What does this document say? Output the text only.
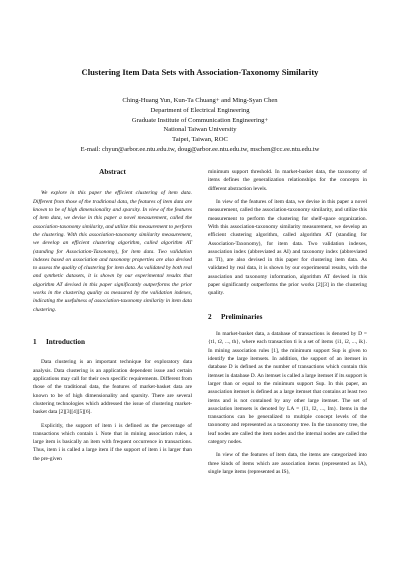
Clustering Item Data Sets with Association-Taxonomy Similarity
Ching-Huang Yun, Kun-Ta Chuang+ and Ming-Syan Chen
Department of Electrical Engineering
Graduate Institute of Communication Engineering+
National Taiwan University
Taipei, Taiwan, ROC
E-mail: chyun@arbor.ee.ntu.edu.tw, doug@arbor.ee.ntu.edu.tw, mschen@cc.ee.ntu.edu.tw
Abstract

We explore in this paper the efficient clustering of item data. Different from those of the traditional data, the features of item data are known to be of high dimensionality and sparsity. In view of the features of item data, we devise in this paper a novel measurement, called the association-taxonomy similarity, and utilize this measurement to perform the clustering. With this association-taxonomy similarity measurement, we develop an efficient clustering algorithm, called algorithm AT (standing for Association-Taxonomy), for item data. Two validation indexes based on association and taxonomy properties are also devised to assess the quality of clustering for item data. As validated by both real and synthetic datasets, it is shown by our experimental results that algorithm AT devised in this paper significantly outperforms the prior works in the clustering quality as measured by the validation indexes, indicating the usefulness of association-taxonomy similarity in item data clustering.

1 Introduction

Data clustering is an important technique for exploratory data analysis. Data clustering is an application dependent issue and certain applications may call for their own specific requirements. Different from those of the traditional data, the features of market-basket data are known to be of high dimensionality and sparsity. There are several clustering technologies which addressed the issue of clustering market-basket data [2][3][4][5][6].

Explicitly, the support of item i is defined as the percentage of transactions which contain i. Note that in mining association rules, a large item is basically an item with frequent occurrence in transactions. Thus, item i is called a large item if the support of item i is larger than the pre-given

minimum support threshold. In market-basket data, the taxonomy of items defines the generalization relationships for the concepts in different abstraction levels.

In view of the features of item data, we devise in this paper a novel measurement, called the association-taxonomy similarity, and utilize this measurement to perform the clustering for shelf-space organization. With this association-taxonomy similarity measurement, we develop an efficient clustering algorithm, called algorithm AT (standing for Association-Taxonomy), for item data. Two validation indexes, association index (abbreviated as AI) and taxonomy index (abbreviated as TI), are also devised in this paper for clustering item data. As validated by real data, it is shown by our experimental results, with the association and taxonomy information, algorithm AT devised in this paper significantly outperforms the prior works [2][3] in the clustering quality.

2 Preliminaries

In market-basket data, a database of transactions is denoted by D = {t1, t2, ..., th}, where each transaction ti is a set of items {i1, i2, ..., ik}. In mining association rules [1], the minimum support Sup is given to identify the large itemsets. In addition, the support of an itemset in database D is defined as the number of transactions which contain this itemset in database D. An itemset is called a large itemset if its support is larger than or equal to the minimum support Sup. In this paper, an association itemset is defined as a large itemset that contains at least two items and is not contained by any other large itemset. The set of association itemsets is denoted by LA = {I1, I2, ..., Im}. Items in the transactions can be generalized to multiple concept levels of the taxonomy and represented as a taxonomy tree. In the taxonomy tree, the leaf nodes are called the item nodes and the internal nodes are called the category nodes.

In view of the features of item data, the items are categorized into three kinds of items which are association items (represented as IA), single large items (represented as IS),
